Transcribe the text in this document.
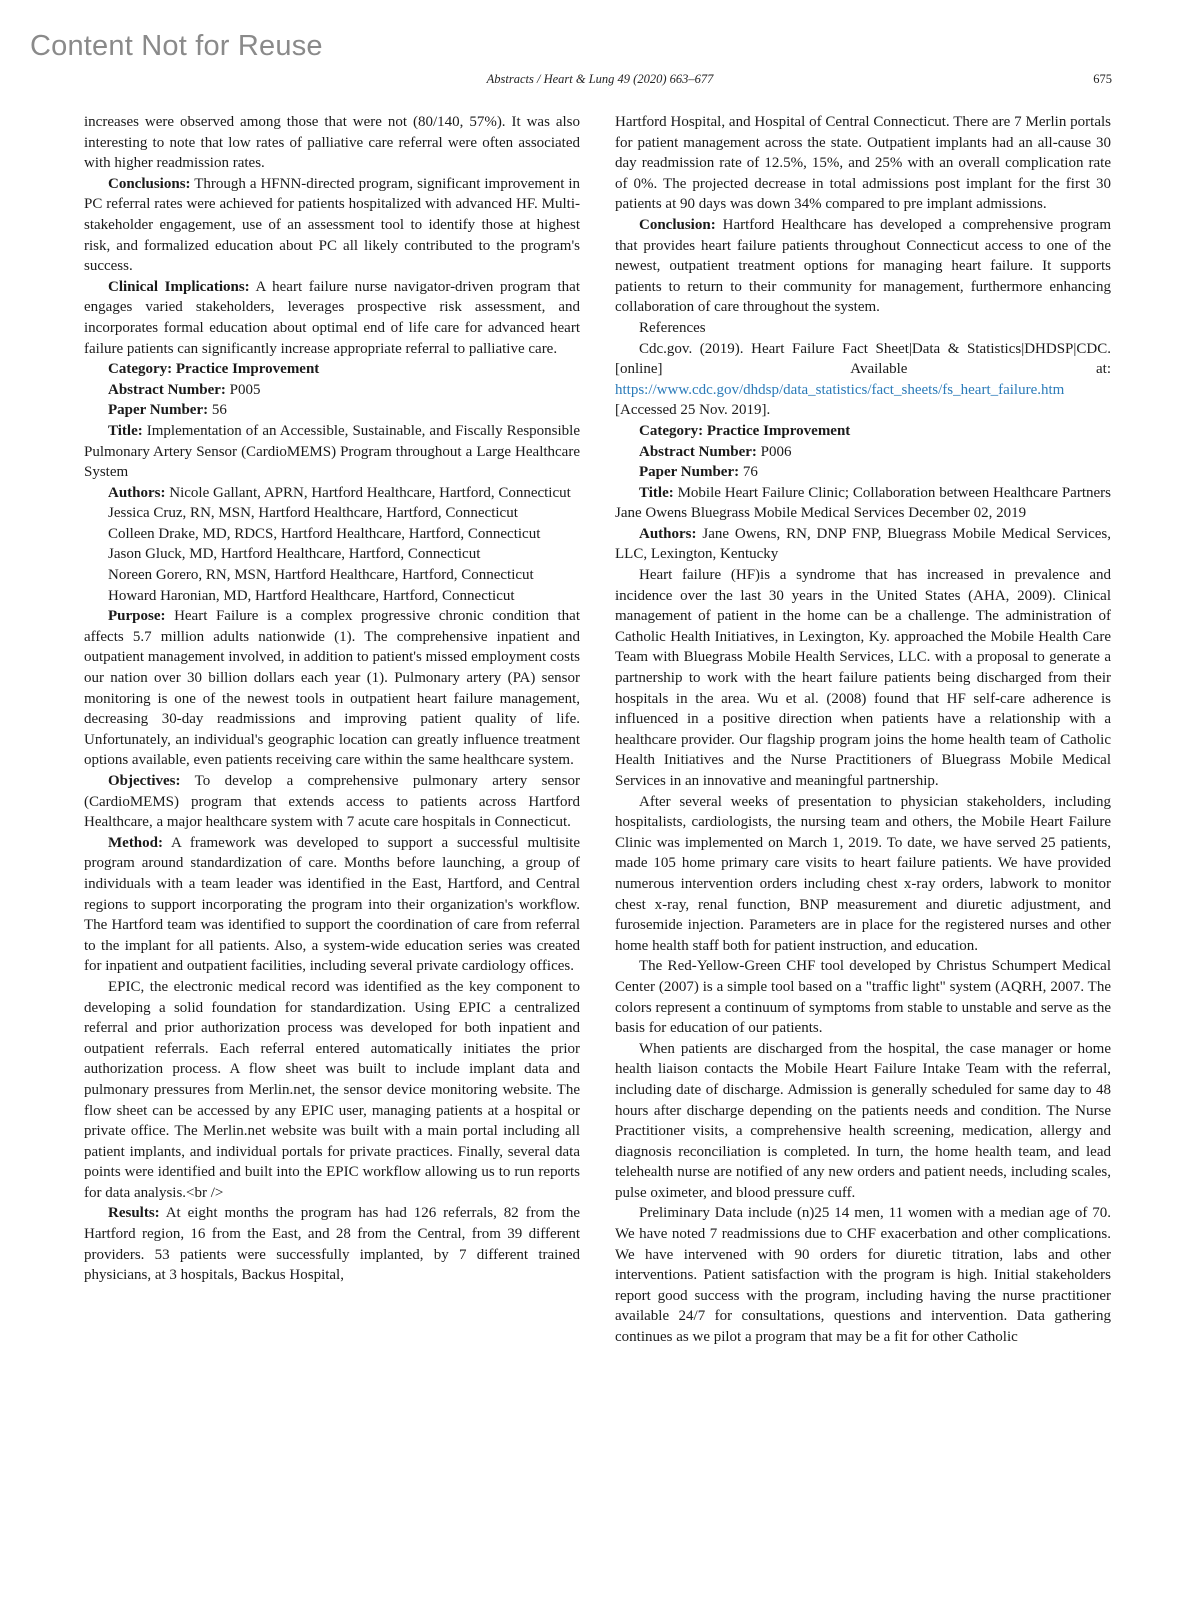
Content Not for Reuse
Abstracts / Heart & Lung 49 (2020) 663–677	675

increases were observed among those that were not (80/140, 57%). It was also interesting to note that low rates of palliative care referral were often associated with higher readmission rates.

Conclusions: Through a HFNN-directed program, significant improvement in PC referral rates were achieved for patients hospitalized with advanced HF. Multi-stakeholder engagement, use of an assessment tool to identify those at highest risk, and formalized education about PC all likely contributed to the program's success.

Clinical Implications: A heart failure nurse navigator-driven program that engages varied stakeholders, leverages prospective risk assessment, and incorporates formal education about optimal end of life care for advanced heart failure patients can significantly increase appropriate referral to palliative care.

Category: Practice Improvement

Abstract Number: P005

Paper Number: 56

Title: Implementation of an Accessible, Sustainable, and Fiscally Responsible Pulmonary Artery Sensor (CardioMEMS) Program throughout a Large Healthcare System

Authors: Nicole Gallant, APRN, Hartford Healthcare, Hartford, Connecticut

Jessica Cruz, RN, MSN, Hartford Healthcare, Hartford, Connecticut

Colleen Drake, MD, RDCS, Hartford Healthcare, Hartford, Connecticut

Jason Gluck, MD, Hartford Healthcare, Hartford, Connecticut

Noreen Gorero, RN, MSN, Hartford Healthcare, Hartford, Connecticut

Howard Haronian, MD, Hartford Healthcare, Hartford, Connecticut

Purpose: Heart Failure is a complex progressive chronic condition that affects 5.7 million adults nationwide (1). The comprehensive inpatient and outpatient management involved, in addition to patient's missed employment costs our nation over 30 billion dollars each year (1). Pulmonary artery (PA) sensor monitoring is one of the newest tools in outpatient heart failure management, decreasing 30-day readmissions and improving patient quality of life. Unfortunately, an individual's geographic location can greatly influence treatment options available, even patients receiving care within the same healthcare system.

Objectives: To develop a comprehensive pulmonary artery sensor (CardioMEMS) program that extends access to patients across Hartford Healthcare, a major healthcare system with 7 acute care hospitals in Connecticut.

Method: A framework was developed to support a successful multisite program around standardization of care. Months before launching, a group of individuals with a team leader was identified in the East, Hartford, and Central regions to support incorporating the program into their organization's workflow. The Hartford team was identified to support the coordination of care from referral to the implant for all patients. Also, a system-wide education series was created for inpatient and outpatient facilities, including several private cardiology offices.

EPIC, the electronic medical record was identified as the key component to developing a solid foundation for standardization. Using EPIC a centralized referral and prior authorization process was developed for both inpatient and outpatient referrals. Each referral entered automatically initiates the prior authorization process. A flow sheet was built to include implant data and pulmonary pressures from Merlin.net, the sensor device monitoring website. The flow sheet can be accessed by any EPIC user, managing patients at a hospital or private office. The Merlin.net website was built with a main portal including all patient implants, and individual portals for private practices. Finally, several data points were identified and built into the EPIC workflow allowing us to run reports for data analysis.<br />

Results: At eight months the program has had 126 referrals, 82 from the Hartford region, 16 from the East, and 28 from the Central, from 39 different providers. 53 patients were successfully implanted, by 7 different trained physicians, at 3 hospitals, Backus Hospital,

Hartford Hospital, and Hospital of Central Connecticut. There are 7 Merlin portals for patient management across the state. Outpatient implants had an all-cause 30 day readmission rate of 12.5%, 15%, and 25% with an overall complication rate of 0%. The projected decrease in total admissions post implant for the first 30 patients at 90 days was down 34% compared to pre implant admissions.

Conclusion: Hartford Healthcare has developed a comprehensive program that provides heart failure patients throughout Connecticut access to one of the newest, outpatient treatment options for managing heart failure. It supports patients to return to their community for management, furthermore enhancing collaboration of care throughout the system.

References

Cdc.gov. (2019). Heart Failure Fact Sheet|Data & Statistics|DHDSP|CDC. [online] Available at: https://www.cdc.gov/dhdsp/data_statistics/fact_sheets/fs_heart_failure.htm [Accessed 25 Nov. 2019].

Category: Practice Improvement

Abstract Number: P006

Paper Number: 76

Title: Mobile Heart Failure Clinic; Collaboration between Healthcare Partners Jane Owens Bluegrass Mobile Medical Services December 02, 2019

Authors: Jane Owens, RN, DNP FNP, Bluegrass Mobile Medical Services, LLC, Lexington, Kentucky

Heart failure (HF)is a syndrome that has increased in prevalence and incidence over the last 30 years in the United States (AHA, 2009). Clinical management of patient in the home can be a challenge. The administration of Catholic Health Initiatives, in Lexington, Ky. approached the Mobile Health Care Team with Bluegrass Mobile Health Services, LLC. with a proposal to generate a partnership to work with the heart failure patients being discharged from their hospitals in the area. Wu et al. (2008) found that HF self-care adherence is influenced in a positive direction when patients have a relationship with a healthcare provider. Our flagship program joins the home health team of Catholic Health Initiatives and the Nurse Practitioners of Bluegrass Mobile Medical Services in an innovative and meaningful partnership.

After several weeks of presentation to physician stakeholders, including hospitalists, cardiologists, the nursing team and others, the Mobile Heart Failure Clinic was implemented on March 1, 2019. To date, we have served 25 patients, made 105 home primary care visits to heart failure patients. We have provided numerous intervention orders including chest x-ray orders, labwork to monitor chest x-ray, renal function, BNP measurement and diuretic adjustment, and furosemide injection. Parameters are in place for the registered nurses and other home health staff both for patient instruction, and education.

The Red-Yellow-Green CHF tool developed by Christus Schumpert Medical Center (2007) is a simple tool based on a "traffic light" system (AQRH, 2007. The colors represent a continuum of symptoms from stable to unstable and serve as the basis for education of our patients.

When patients are discharged from the hospital, the case manager or home health liaison contacts the Mobile Heart Failure Intake Team with the referral, including date of discharge. Admission is generally scheduled for same day to 48 hours after discharge depending on the patients needs and condition. The Nurse Practitioner visits, a comprehensive health screening, medication, allergy and diagnosis reconciliation is completed. In turn, the home health team, and lead telehealth nurse are notified of any new orders and patient needs, including scales, pulse oximeter, and blood pressure cuff.

Preliminary Data include (n)25 14 men, 11 women with a median age of 70. We have noted 7 readmissions due to CHF exacerbation and other complications. We have intervened with 90 orders for diuretic titration, labs and other interventions. Patient satisfaction with the program is high. Initial stakeholders report good success with the program, including having the nurse practitioner available 24/7 for consultations, questions and intervention. Data gathering continues as we pilot a program that may be a fit for other Catholic
